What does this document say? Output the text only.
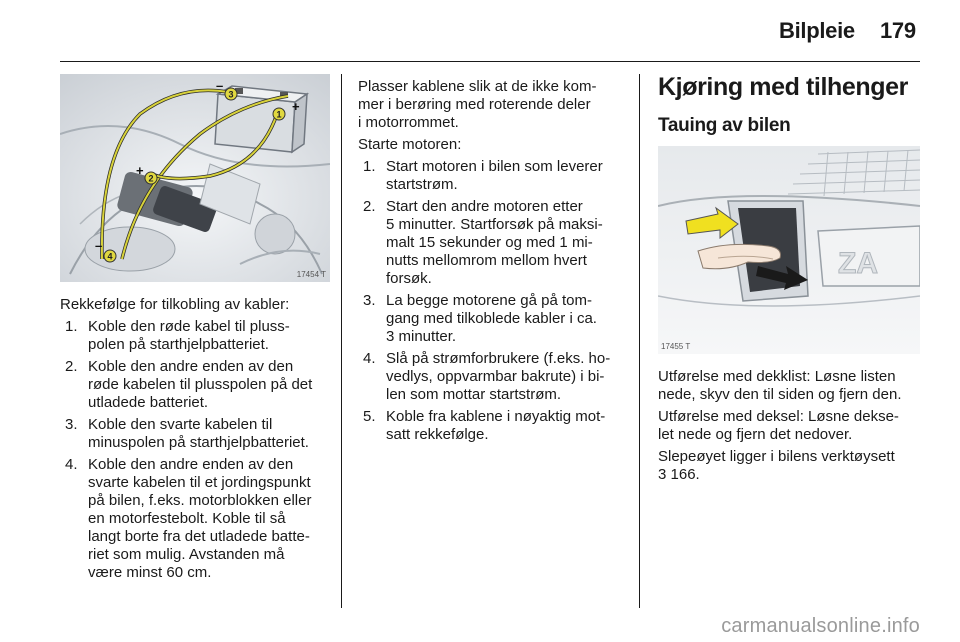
Bilpleie 179
1
2
3
4
+
+
–
–
17454 T

Rekkefølge for tilkobling av kabler:

1. Koble den røde kabel til pluss-
polen på starthjelpbatteriet.
2. Koble den andre enden av den
røde kabelen til plusspolen på det
utladede batteriet.
3. Koble den svarte kabelen til
minuspolen på starthjelpbatteriet.
4. Koble den andre enden av den
svarte kabelen til et jordingspunkt
på bilen, f.eks. motorblokken eller
en motorfestebolt. Koble til så
langt borte fra det utladede batte-
riet som mulig. Avstanden må
være minst 60 cm.

Plasser kablene slik at de ikke kom-
mer i berøring med roterende deler
i motorrommet.

Starte motoren:

1. Start motoren i bilen som leverer
startstrøm.
2. Start den andre motoren etter
5 minutter. Startforsøk på maksi-
malt 15 sekunder og med 1 mi-
nutts mellomrom mellom hvert
forsøk.
3. La begge motorene gå på tom-
gang med tilkoblede kabler i ca.
3 minutter.
4. Slå på strømforbrukere (f.eks. ho-
vedlys, oppvarmbar bakrute) i bi-
len som mottar startstrøm.
5. Koble fra kablene i nøyaktig mot-
satt rekkefølge.
Kjøring med tilhenger
Tauing av bilen
ZA
17455 T

Utførelse med dekklist: Løsne listen
nede, skyv den til siden og fjern den.

Utførelse med deksel: Løsne dekse-
let nede og fjern det nedover.

Slepeøyet ligger i bilens verktøysett
3 166.

carmanualsonline.info
